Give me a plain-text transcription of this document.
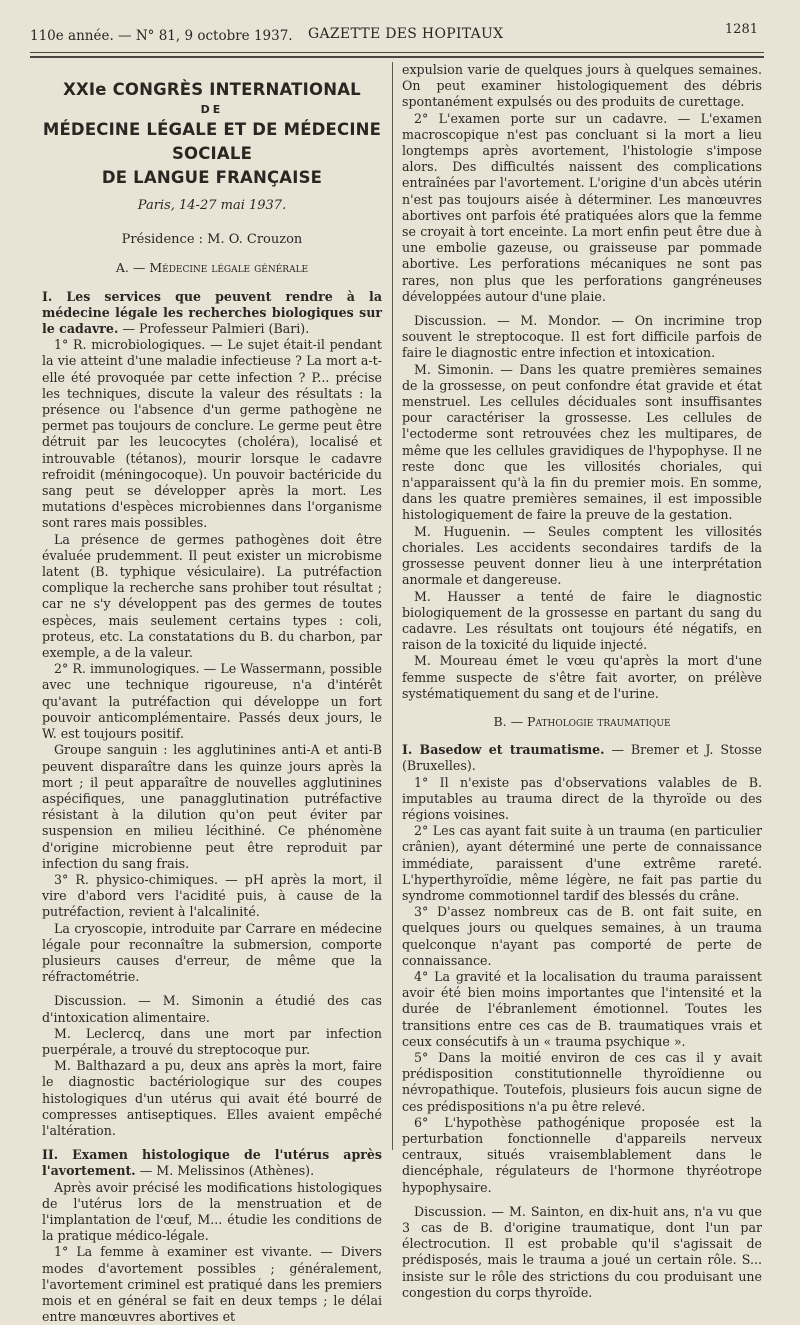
110e année. — N° 81, 9 octobre 1937. GAZETTE DES HOPITAUX	1281
XXIe CONGRÈS INTERNATIONAL
DE
MÉDECINE LÉGALE ET DE MÉDECINE SOCIALE
DE LANGUE FRANÇAISE
Paris, 14-27 mai 1937.
Présidence : M. O. Crouzon
A. — Médecine légale générale

I. Les services que peuvent rendre à la médecine légale les recherches biologiques sur le cadavre. — Professeur Palmieri (Bari).

1° R. microbiologiques. — Le sujet était-il pendant la vie atteint d'une maladie infectieuse ? La mort a-t-elle été provoquée par cette infection ? P... précise les techniques, discute la valeur des résultats : la présence ou l'absence d'un germe pathogène ne permet pas toujours de conclure. Le germe peut être détruit par les leucocytes (choléra), localisé et introuvable (tétanos), mourir lorsque le cadavre refroidit (méningocoque). Un pouvoir bactéricide du sang peut se développer après la mort. Les mutations d'espèces microbiennes dans l'organisme sont rares mais possibles.

La présence de germes pathogènes doit être évaluée prudemment. Il peut exister un microbisme latent (B. typhique vésiculaire). La putréfaction complique la recherche sans prohiber tout résultat ; car ne s'y développent pas des germes de toutes espèces, mais seulement certains types : coli, proteus, etc. La constatations du B. du charbon, par exemple, a de la valeur.

2° R. immunologiques. — Le Wassermann, possible avec une technique rigoureuse, n'a d'intérêt qu'avant la putréfaction qui développe un fort pouvoir anticomplémentaire. Passés deux jours, le W. est toujours positif.

Groupe sanguin : les agglutinines anti-A et anti-B peuvent disparaître dans les quinze jours après la mort ; il peut apparaître de nouvelles agglutinines aspécifiques, une panagglutination putréfactive résistant à la dilution qu'on peut éviter par suspension en milieu lécithiné. Ce phénomène d'origine microbienne peut être reproduit par infection du sang frais.

3° R. physico-chimiques. — pH après la mort, il vire d'abord vers l'acidité puis, à cause de la putréfaction, revient à l'alcalinité.

La cryoscopie, introduite par Carrare en médecine légale pour reconnaître la submersion, comporte plusieurs causes d'erreur, de même que la réfractométrie.

Discussion. — M. Simonin a étudié des cas d'intoxication alimentaire.

M. Leclercq, dans une mort par infection puerpérale, a trouvé du streptocoque pur.

M. Balthazard a pu, deux ans après la mort, faire le diagnostic bactériologique sur des coupes histologiques d'un utérus qui avait été bourré de compresses antiseptiques. Elles avaient empêché l'altération.

II. Examen histologique de l'utérus après l'avortement. — M. Melissinos (Athènes).

Après avoir précisé les modifications histologiques de l'utérus lors de la menstruation et de l'implantation de l'œuf, M... étudie les conditions de la pratique médico-légale.

1° La femme à examiner est vivante. — Divers modes d'avortement possibles ; généralement, l'avortement criminel est pratiqué dans les premiers mois et en général se fait en deux temps ; le délai entre manœuvres abortives et

expulsion varie de quelques jours à quelques semaines. On peut examiner histologiquement des débris spontanément expulsés ou des produits de curettage.

2° L'examen porte sur un cadavre. — L'examen macroscopique n'est pas concluant si la mort a lieu longtemps après avortement, l'histologie s'impose alors. Des difficultés naissent des complications entraînées par l'avortement. L'origine d'un abcès utérin n'est pas toujours aisée à déterminer. Les manœuvres abortives ont parfois été pratiquées alors que la femme se croyait à tort enceinte. La mort enfin peut être due à une embolie gazeuse, ou graisseuse par pommade abortive. Les perforations mécaniques ne sont pas rares, non plus que les perforations gangréneuses développées autour d'une plaie.

Discussion. — M. Mondor. — On incrimine trop souvent le streptocoque. Il est fort difficile parfois de faire le diagnostic entre infection et intoxication.

M. Simonin. — Dans les quatre premières semaines de la grossesse, on peut confondre état gravide et état menstruel. Les cellules déciduales sont insuffisantes pour caractériser la grossesse. Les cellules de l'ectoderme sont retrouvées chez les multipares, de même que les cellules gravidiques de l'hypophyse. Il ne reste donc que les villosités choriales, qui n'apparaissent qu'à la fin du premier mois. En somme, dans les quatre premières semaines, il est impossible histologiquement de faire la preuve de la gestation.

M. Huguenin. — Seules comptent les villosités choriales. Les accidents secondaires tardifs de la grossesse peuvent donner lieu à une interprétation anormale et dangereuse.

M. Hausser a tenté de faire le diagnostic biologiquement de la grossesse en partant du sang du cadavre. Les résultats ont toujours été négatifs, en raison de la toxicité du liquide injecté.

M. Moureau émet le vœu qu'après la mort d'une femme suspecte de s'être fait avorter, on prélève systématiquement du sang et de l'urine.

B. — Pathologie traumatique

I. Basedow et traumatisme. — Bremer et J. Stosse (Bruxelles).

1° Il n'existe pas d'observations valables de B. imputables au trauma direct de la thyroïde ou des régions voisines.

2° Les cas ayant fait suite à un trauma (en particulier crânien), ayant déterminé une perte de connaissance immédiate, paraissent d'une extrême rareté. L'hyperthyroïdie, même légère, ne fait pas partie du syndrome commotionnel tardif des blessés du crâne.

3° D'assez nombreux cas de B. ont fait suite, en quelques jours ou quelques semaines, à un trauma quelconque n'ayant pas comporté de perte de connaissance.

4° La gravité et la localisation du trauma paraissent avoir été bien moins importantes que l'intensité et la durée de l'ébranlement émotionnel. Toutes les transitions entre ces cas de B. traumatiques vrais et ceux consécutifs à un « trauma psychique ».

5° Dans la moitié environ de ces cas il y avait prédisposition constitutionnelle thyroïdienne ou névropathique. Toutefois, plusieurs fois aucun signe de ces prédispositions n'a pu être relevé.

6° L'hypothèse pathogénique proposée est la perturbation fonctionnelle d'appareils nerveux centraux, situés vraisemblablement dans le diencéphale, régulateurs de l'hormone thyréotrope hypophysaire.

Discussion. — M. Sainton, en dix-huit ans, n'a vu que 3 cas de B. d'origine traumatique, dont l'un par électrocution. Il est probable qu'il s'agissait de prédisposés, mais le trauma a joué un certain rôle. S... insiste sur le rôle des strictions du cou produisant une congestion du corps thyroïde.
